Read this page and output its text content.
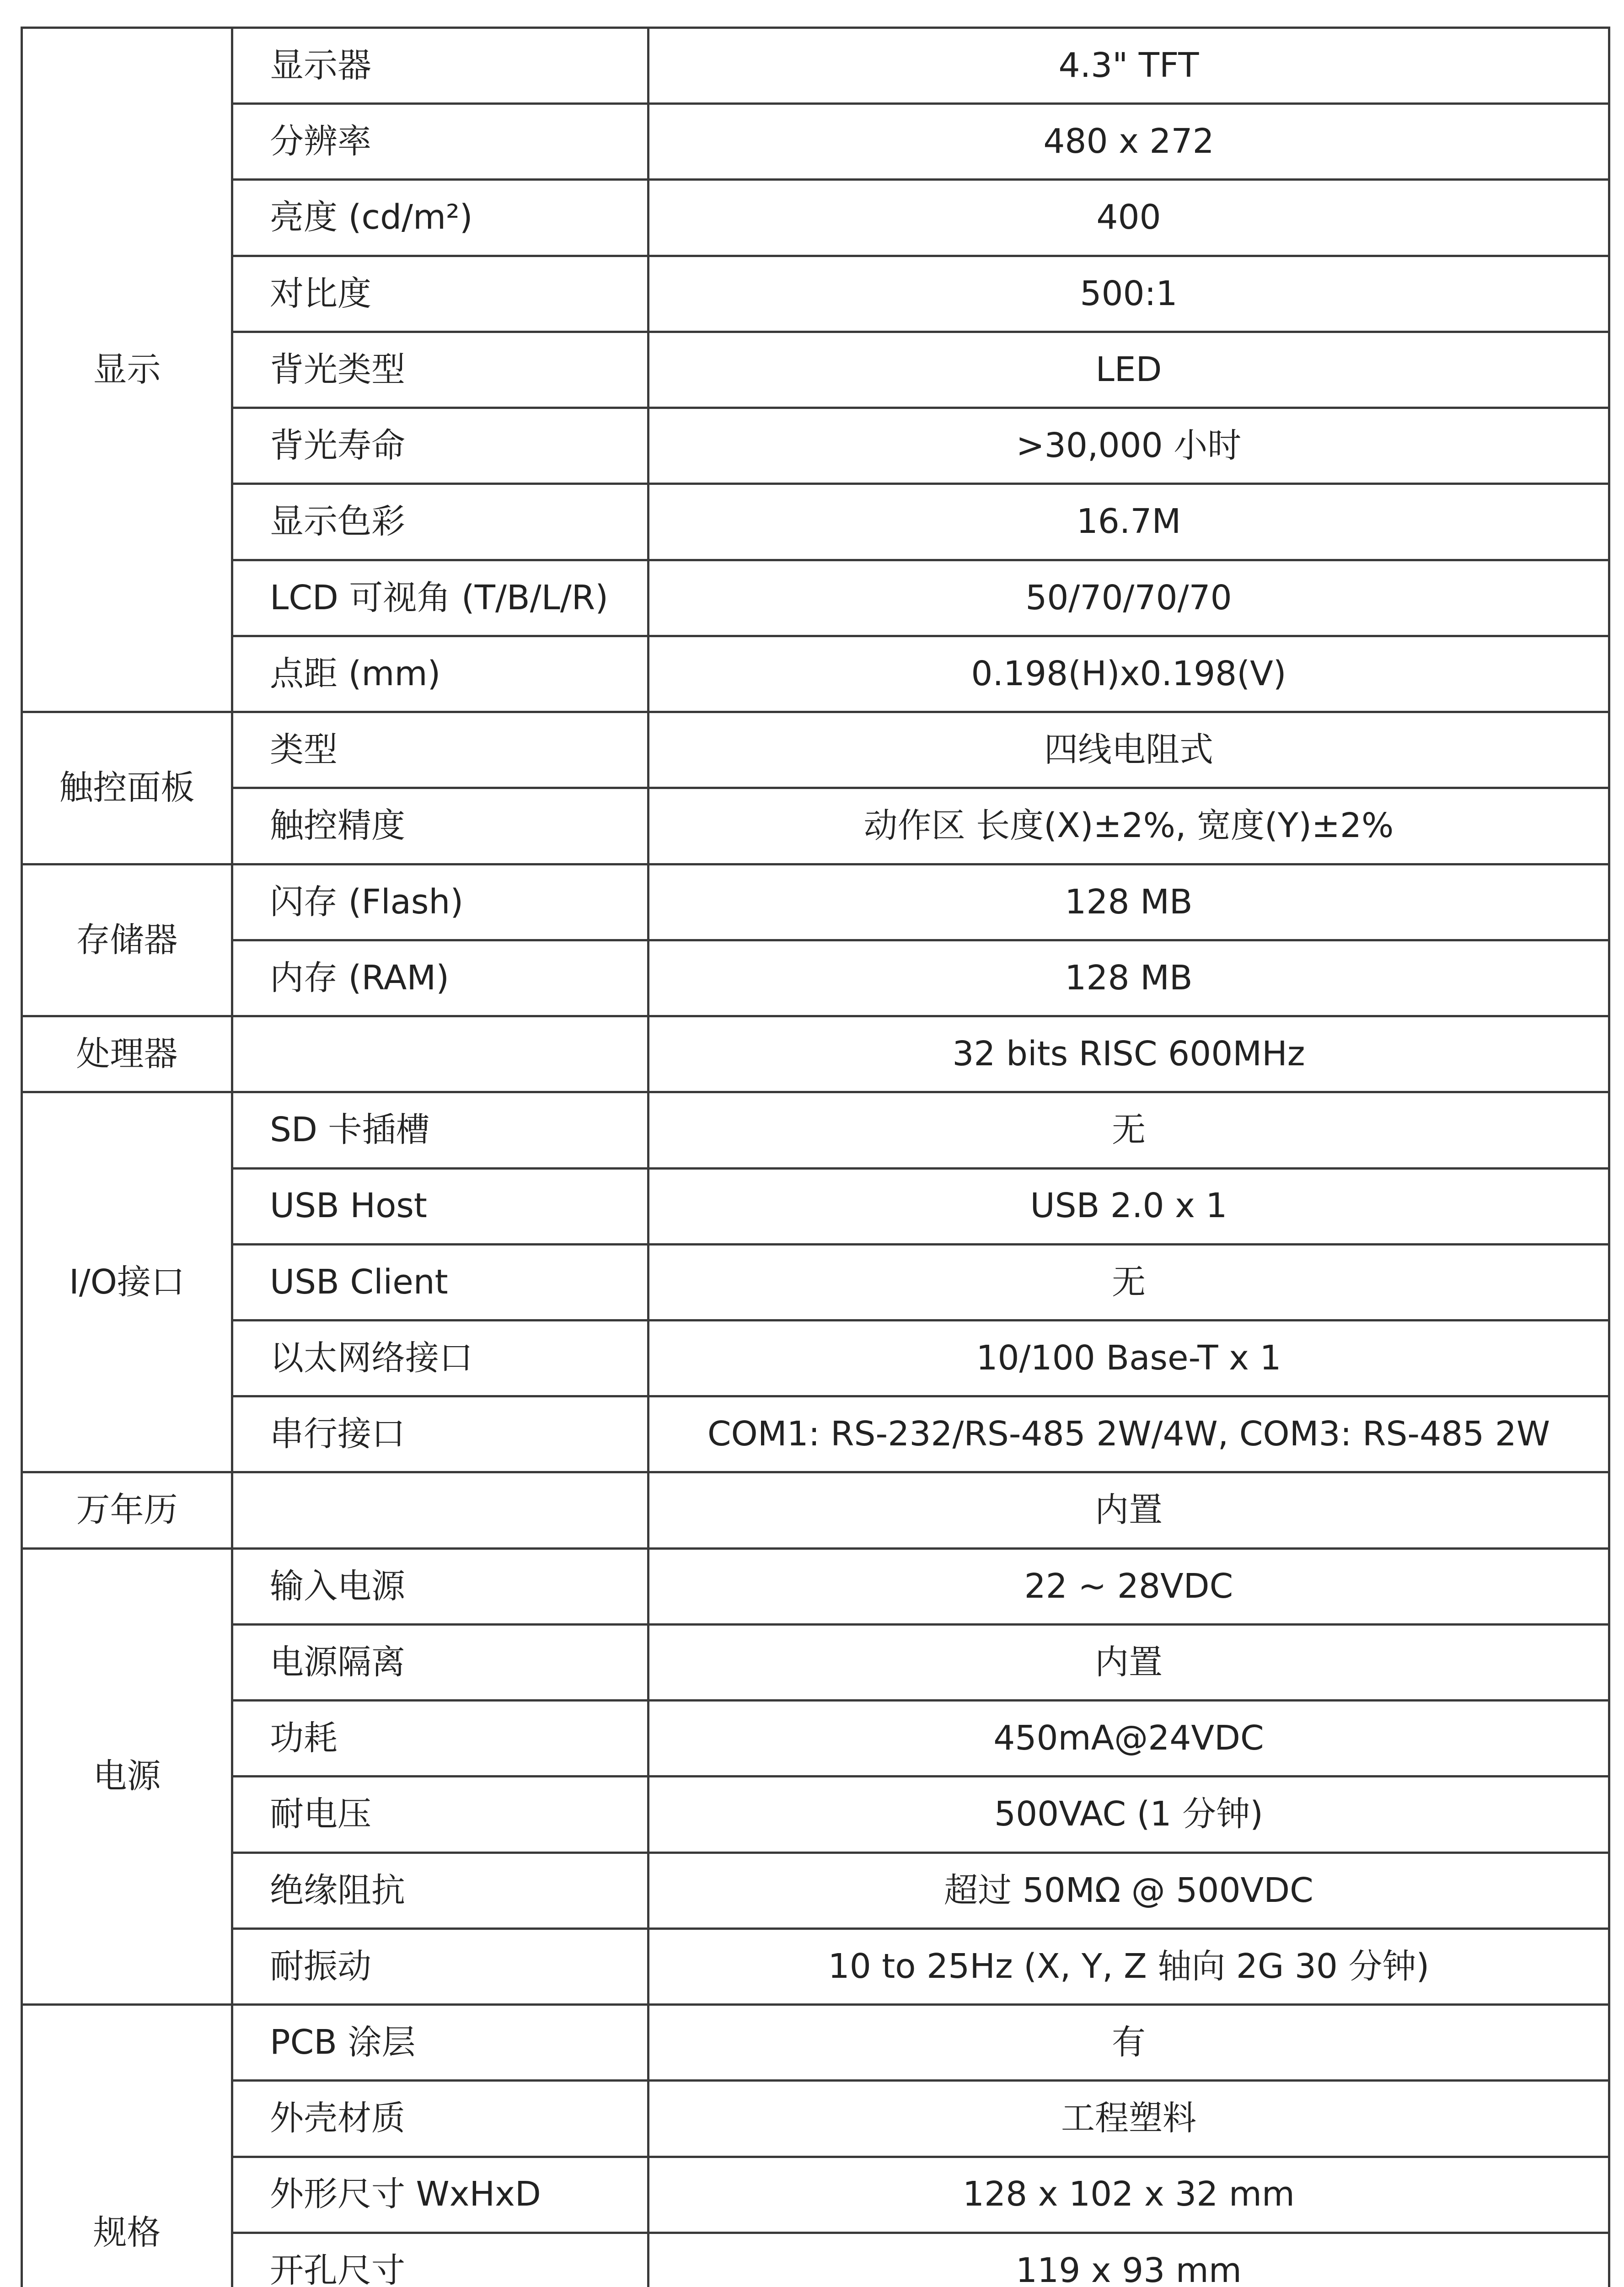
显示	显示器	4.3" TFT
	分辨率	480 x 272
	亮度 (cd/m²)	400
	对比度	500:1
	背光类型	LED
	背光寿命	>30,000 小时
	显示色彩	16.7M
	LCD 可视角 (T/B/L/R)	50/70/70/70
	点距 (mm)	0.198(H)x0.198(V)
触控面板	类型	四线电阻式
	触控精度	动作区 长度(X)±2%, 宽度(Y)±2%
存储器	闪存 (Flash)	128 MB
	内存 (RAM)	128 MB
处理器		32 bits RISC 600MHz
I/O接口	SD 卡插槽	无
	USB Host	USB 2.0 x 1
	USB Client	无
	以太网络接口	10/100 Base-T x 1
	串行接口	COM1: RS-232/RS-485 2W/4W, COM3: RS-485 2W
万年历		内置
电源	输入电源	22 ~ 28VDC
	电源隔离	内置
	功耗	450mA@24VDC
	耐电压	500VAC (1 分钟)
	绝缘阻抗	超过 50MΩ @ 500VDC
	耐振动	10 to 25Hz (X, Y, Z 轴向 2G 30 分钟)
规格	PCB 涂层	有
	外壳材质	工程塑料
	外形尺寸 WxHxD	128 x 102 x 32 mm
	开孔尺寸	119 x 93 mm
